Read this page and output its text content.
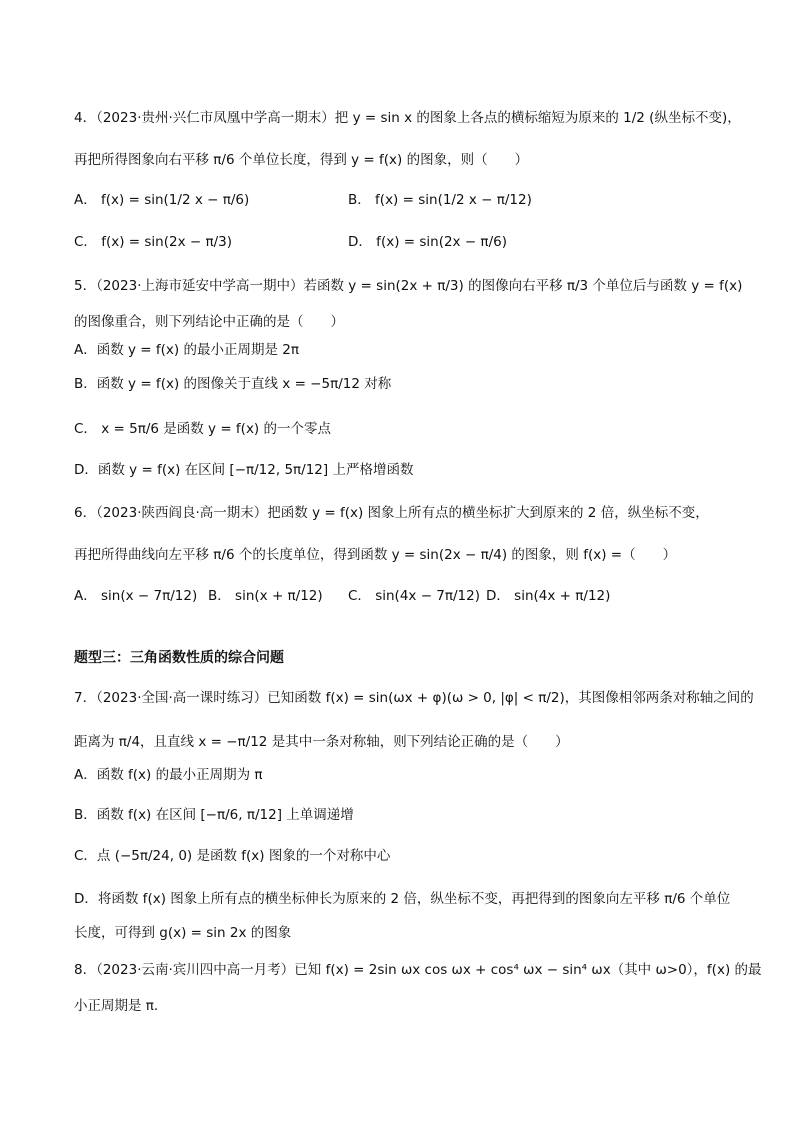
4．（2023·贵州·兴仁市凤凰中学高一期末）把 y = sin x 的图象上各点的横标缩短为原来的 1/2 (纵坐标不变)，
再把所得图象向右平移 π/6 个单位长度，得到 y = f(x) 的图象，则（　　）
A． f(x) = sin(1/2 x − π/6)	B． f(x) = sin(1/2 x − π/12)
C． f(x) = sin(2x − π/3)	D． f(x) = sin(2x − π/6)
5．（2023·上海市延安中学高一期中）若函数 y = sin(2x + π/3) 的图像向右平移 π/3 个单位后与函数 y = f(x)
的图像重合，则下列结论中正确的是（　　）
A．函数 y = f(x) 的最小正周期是 2π
B．函数 y = f(x) 的图像关于直线 x = −5π/12 对称
C． x = 5π/6 是函数 y = f(x) 的一个零点
D．函数 y = f(x) 在区间 [−π/12, 5π/12] 上严格增函数
6．（2023·陕西阎良·高一期末）把函数 y = f(x) 图象上所有点的横坐标扩大到原来的 2 倍，纵坐标不变，
再把所得曲线向左平移 π/6 个的长度单位，得到函数 y = sin(2x − π/4) 的图象，则 f(x) =（　　）
A． sin(x − 7π/12) B． sin(x + π/12) C． sin(4x − 7π/12) D． sin(4x + π/12)
题型三：三角函数性质的综合问题
7．（2023·全国·高一课时练习）已知函数 f(x) = sin(ωx + φ)(ω > 0, |φ| < π/2)，其图像相邻两条对称轴之间的
距离为 π/4，且直线 x = −π/12 是其中一条对称轴，则下列结论正确的是（　　）
A．函数 f(x) 的最小正周期为 π
B．函数 f(x) 在区间 [−π/6, π/12] 上单调递增
C．点 (−5π/24, 0) 是函数 f(x) 图象的一个对称中心
D．将函数 f(x) 图象上所有点的横坐标伸长为原来的 2 倍，纵坐标不变，再把得到的图象向左平移 π/6 个单位
长度，可得到 g(x) = sin 2x 的图象
8．（2023·云南·宾川四中高一月考）已知 f(x) = 2sin ωx cos ωx + cos⁴ ωx − sin⁴ ωx（其中 ω>0），f(x) 的最
小正周期是 π.
